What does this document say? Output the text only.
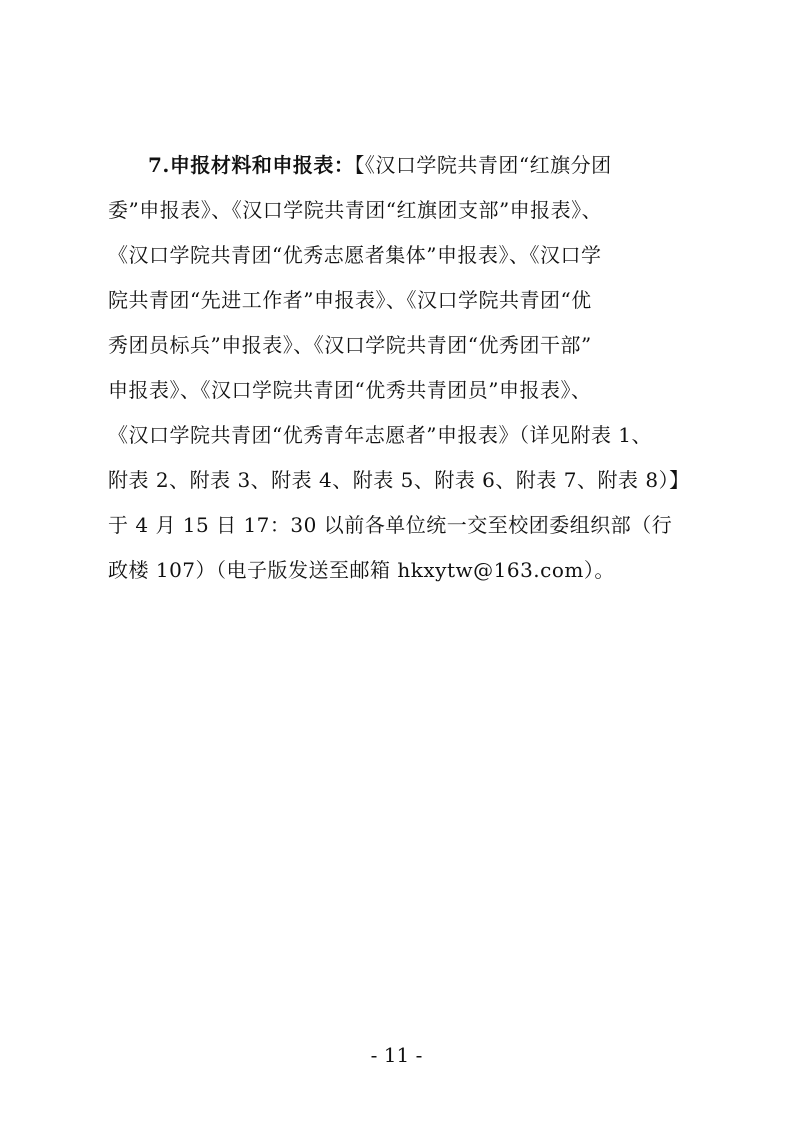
7.申报材料和申报表：【《汉口学院共青团“红旗分团
委”申报表》、《汉口学院共青团“红旗团支部”申报表》、
《汉口学院共青团“优秀志愿者集体”申报表》、《汉口学
院共青团“先进工作者”申报表》、《汉口学院共青团“优
秀团员标兵”申报表》、《汉口学院共青团“优秀团干部”
申报表》、《汉口学院共青团“优秀共青团员”申报表》、
《汉口学院共青团“优秀青年志愿者”申报表》（详见附表 1、
附表 2、附表 3、附表 4、附表 5、附表 6、附表 7、附表 8）】
于 4 月 15 日 17：30 以前各单位统一交至校团委组织部（行
政楼 107）（电子版发送至邮箱 hkxytw@163.com）。
- 11 -
